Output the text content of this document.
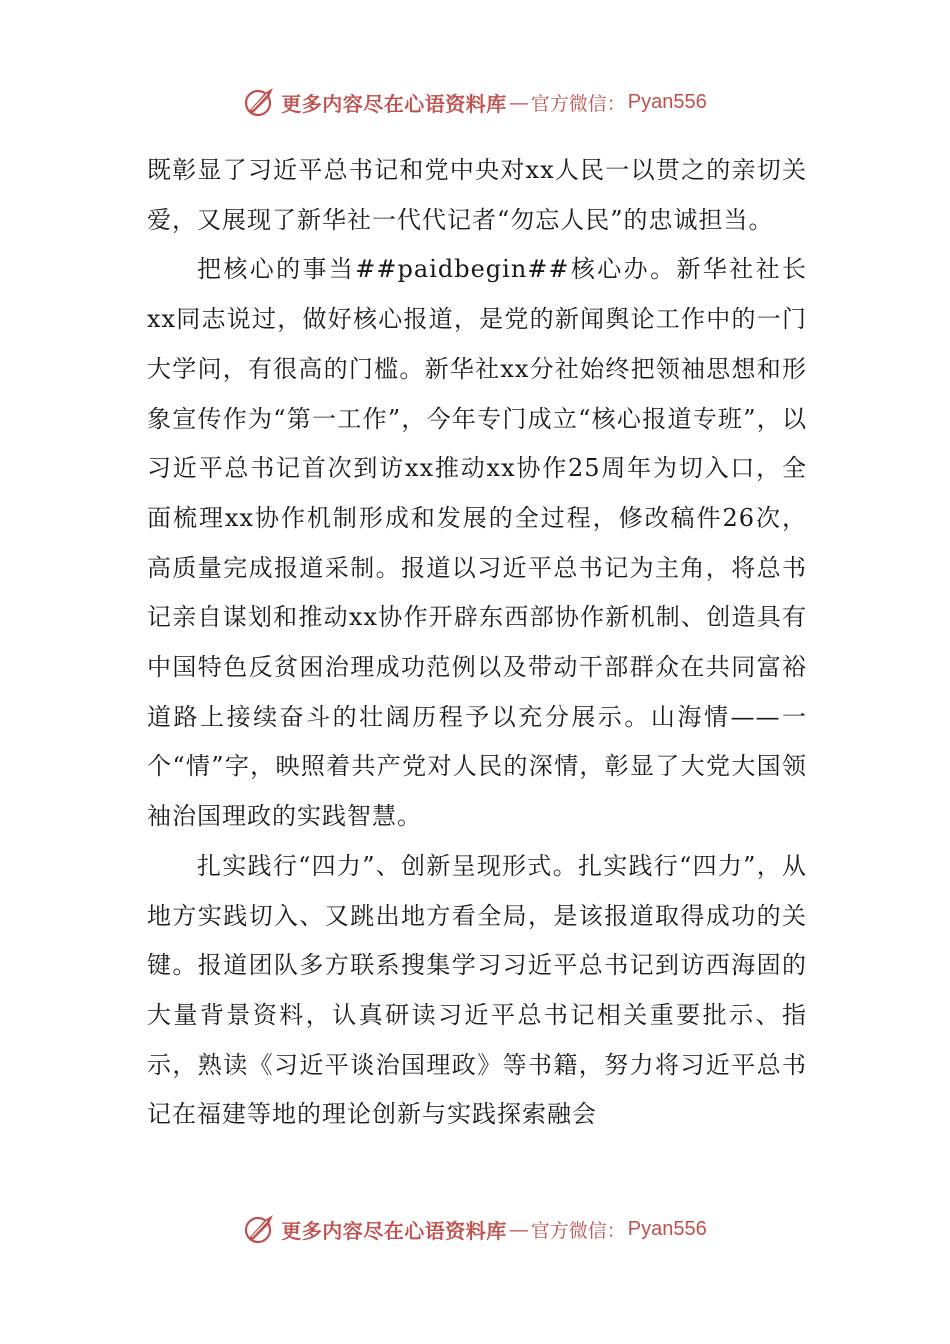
更多内容尽在心语资料库 — 官方微信： Pyan556

既彰显了习近平总书记和党中央对xx人民一以贯之的亲切关爱，又展现了新华社一代代记者“勿忘人民”的忠诚担当。

把核心的事当##paidbegin##核心办。新华社社长xx同志说过，做好核心报道，是党的新闻舆论工作中的一门大学问，有很高的门槛。新华社xx分社始终把领袖思想和形象宣传作为“第一工作”，今年专门成立“核心报道专班”，以习近平总书记首次到访xx推动xx协作25周年为切入口，全面梳理xx协作机制形成和发展的全过程，修改稿件26次，高质量完成报道采制。报道以习近平总书记为主角，将总书记亲自谋划和推动xx协作开辟东西部协作新机制、创造具有中国特色反贫困治理成功范例以及带动干部群众在共同富裕道路上接续奋斗的壮阔历程予以充分展示。山海情——一个“情”字，映照着共产党对人民的深情，彰显了大党大国领袖治国理政的实践智慧。

扎实践行“四力”、创新呈现形式。扎实践行“四力”，从地方实践切入、又跳出地方看全局，是该报道取得成功的关键。报道团队多方联系搜集学习习近平总书记到访西海固的大量背景资料，认真研读习近平总书记相关重要批示、指示，熟读《习近平谈治国理政》等书籍，努力将习近平总书记在福建等地的理论创新与实践探索融会

更多内容尽在心语资料库 — 官方微信： Pyan556
